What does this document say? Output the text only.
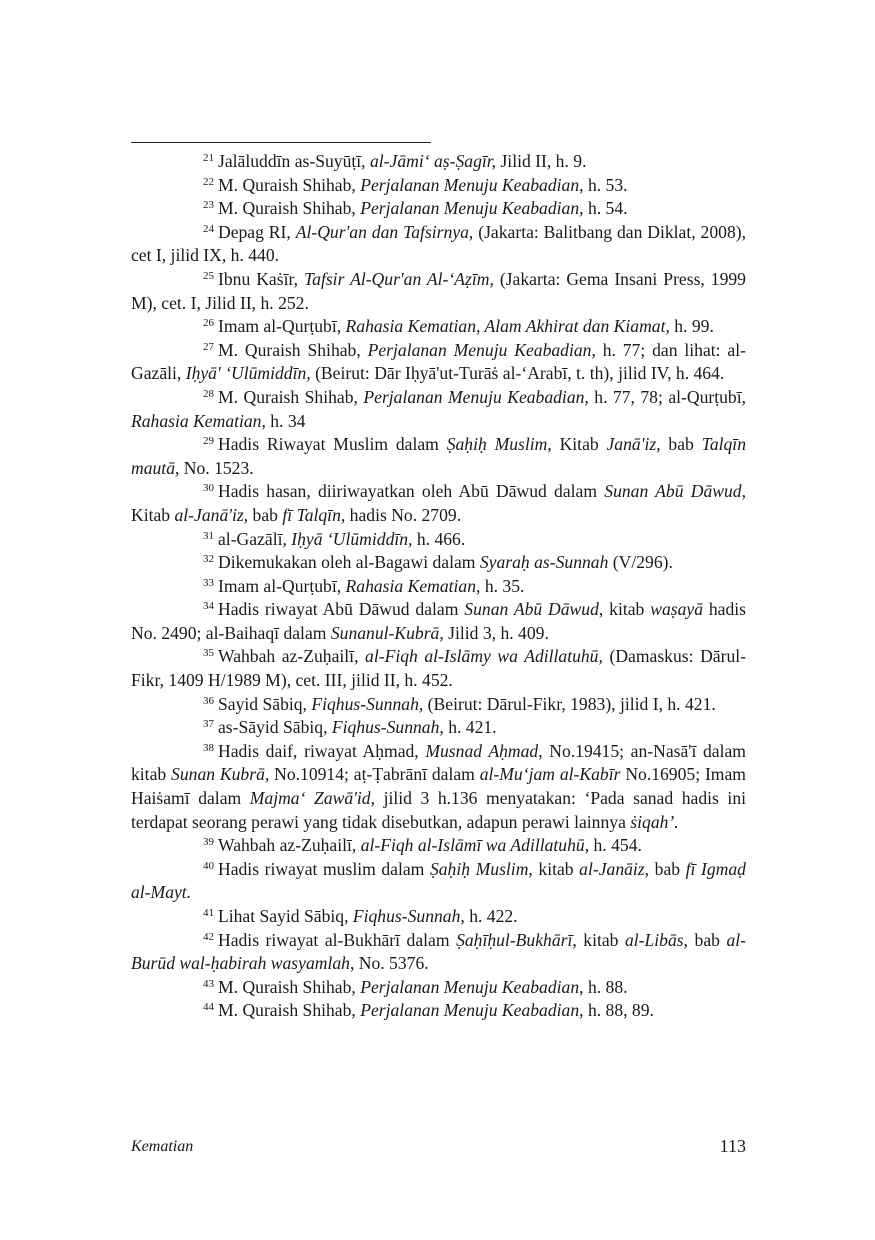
$^{21}$ Jalāluddīn as-Suyūṭī, al-Jāmi‘ aṣ-Ṣagīr, Jilid II, h. 9.

$^{22}$ M. Quraish Shihab, Perjalanan Menuju Keabadian, h. 53.

$^{23}$ M. Quraish Shihab, Perjalanan Menuju Keabadian, h. 54.

$^{24}$ Depag RI, Al-Qur'an dan Tafsirnya, (Jakarta: Balitbang dan Diklat, 2008), cet I, jilid IX, h. 440.

$^{25}$ Ibnu Kaṡīr, Tafsir Al-Qur'an Al-‘Aẓīm, (Jakarta: Gema Insani Press, 1999 M), cet. I, Jilid II, h. 252.

$^{26}$ Imam al-Qurṭubī, Rahasia Kematian, Alam Akhirat dan Kiamat, h. 99.

$^{27}$ M. Quraish Shihab, Perjalanan Menuju Keabadian, h. 77; dan lihat: al-Gazāli, Iḥyā' ‘Ulūmiddīn, (Beirut: Dār Iḥyā'ut-Turāṡ al-‘Arabī, t. th), jilid IV, h. 464.

$^{28}$ M. Quraish Shihab, Perjalanan Menuju Keabadian, h. 77, 78; al-Qurṭubī, Rahasia Kematian, h. 34

$^{29}$ Hadis Riwayat Muslim dalam Ṣaḥiḥ Muslim, Kitab Janā'iz, bab Talqīn mautā, No. 1523.

$^{30}$ Hadis hasan, diiriwayatkan oleh Abū Dāwud dalam Sunan Abū Dāwud, Kitab al-Janā'iz, bab fī Talqīn, hadis No. 2709.

$^{31}$ al-Gazālī, Iḥyā ‘Ulūmiddīn, h. 466.

$^{32}$ Dikemukakan oleh al-Bagawi dalam Syaraḥ as-Sunnah (V/296).

$^{33}$ Imam al-Qurṭubī, Rahasia Kematian, h. 35.

$^{34}$ Hadis riwayat Abū Dāwud dalam Sunan Abū Dāwud, kitab waṣayā hadis No. 2490; al-Baihaqī dalam Sunanul-Kubrā, Jilid 3, h. 409.

$^{35}$ Wahbah az-Zuḥailī, al-Fiqh al-Islāmy wa Adillatuhū, (Damaskus: Dārul-Fikr, 1409 H/1989 M), cet. III, jilid II, h. 452.

$^{36}$ Sayid Sābiq, Fiqhus-Sunnah, (Beirut: Dārul-Fikr, 1983), jilid I, h. 421.

$^{37}$ as-Sāyid Sābiq, Fiqhus-Sunnah, h. 421.

$^{38}$ Hadis daif, riwayat Aḥmad, Musnad Aḥmad, No.19415; an-Nasā'ī dalam kitab Sunan Kubrā, No.10914; aṭ-Ṭabrānī dalam al-Mu‘jam al-Kabīr No.16905; Imam Haiṡamī dalam Majma‘ Zawā'id, jilid 3 h.136 menyatakan: ‘Pada sanad hadis ini terdapat seorang perawi yang tidak disebutkan, adapun perawi lainnya ṡiqah’.

$^{39}$ Wahbah az-Zuḥailī, al-Fiqh al-Islāmī wa Adillatuhū, h. 454.

$^{40}$ Hadis riwayat muslim dalam Ṣaḥiḥ Muslim, kitab al-Janāiz, bab fī Igmaḍ al-Mayt.

$^{41}$ Lihat Sayid Sābiq, Fiqhus-Sunnah, h. 422.

$^{42}$ Hadis riwayat al-Bukhārī dalam Ṣaḥīḥul-Bukhārī, kitab al-Libās, bab al-Burūd wal-ḥabirah wasyamlah, No. 5376.

$^{43}$ M. Quraish Shihab, Perjalanan Menuju Keabadian, h. 88.

$^{44}$ M. Quraish Shihab, Perjalanan Menuju Keabadian, h. 88, 89.

Kematian	113
